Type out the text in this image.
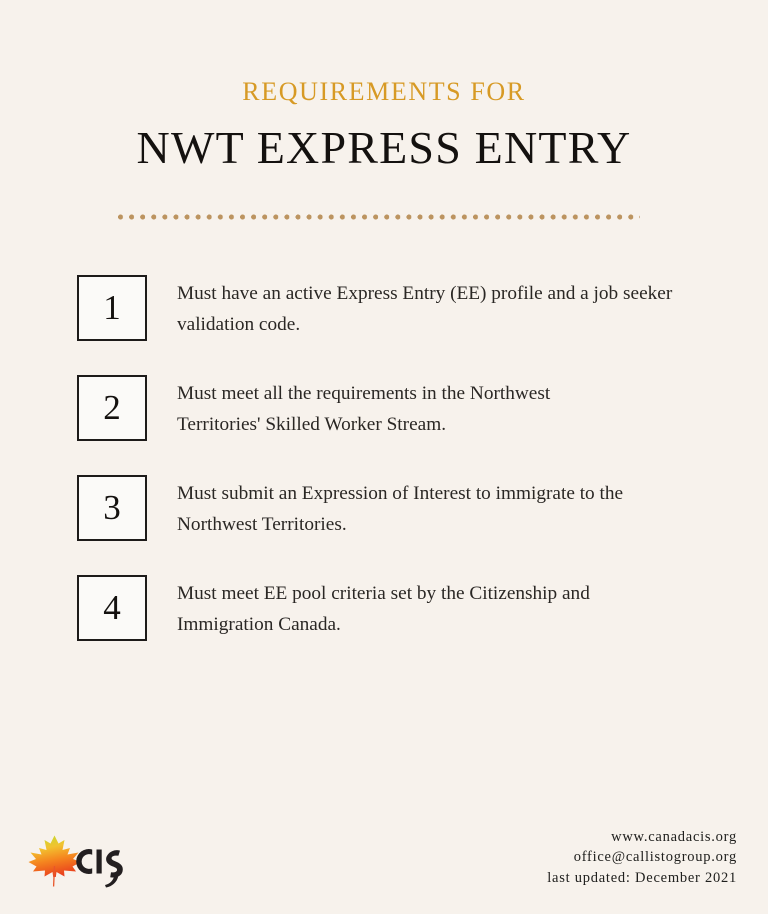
REQUIREMENTS FOR
NWT EXPRESS ENTRY
1	Must have an active Express Entry (EE) profile and a job seeker validation code.
2	Must meet all the requirements in the Northwest Territories' Skilled Worker Stream.
3	Must submit an Expression of Interest to immigrate to the Northwest Territories.
4	Must meet EE pool criteria set by the Citizenship and Immigration Canada.
www.canadacis.org
office@callistogroup.org
last updated: December 2021
